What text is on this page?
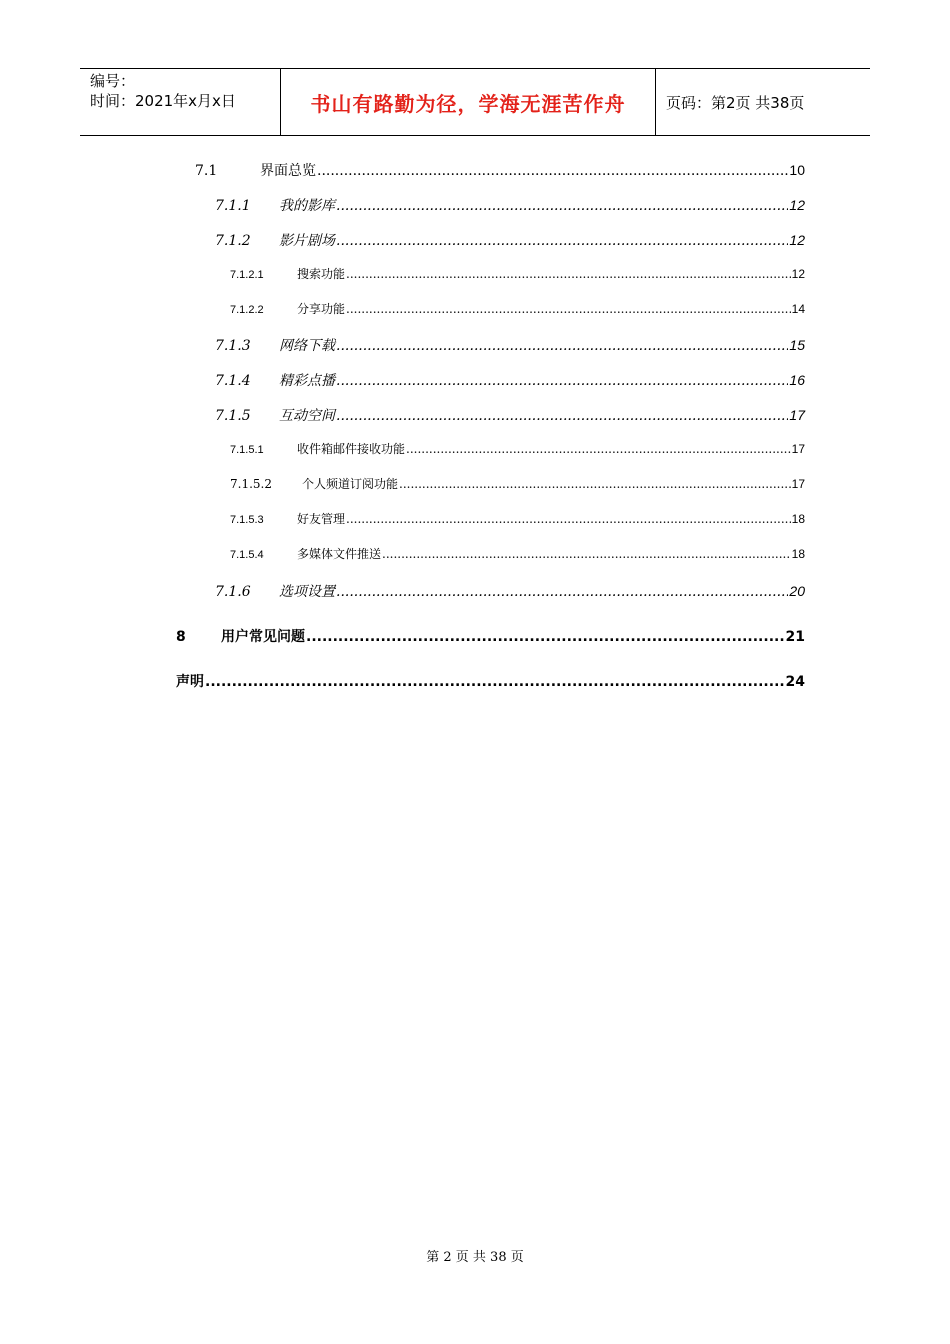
编号：
时间：2021年x月x日	书山有路勤为径，学海无涯苦作舟	页码：第2页 共38页
7.1	界面总览 .....	10
7.1.1	我的影库 .....	12
7.1.2	影片剧场 .....	12
7.1.2.1	搜索功能 .....	12
7.1.2.2	分享功能 .....	14
7.1.3	网络下载 .....	15
7.1.4	精彩点播 .....	16
7.1.5	互动空间 .....	17
7.1.5.1	收件箱邮件接收功能 .....	17
7.1.5.2	个人频道订阅功能 .....	17
7.1.5.3	好友管理 .....	18
7.1.5.4	多媒体文件推送 .....	18
7.1.6	选项设置 .....	20
8	用户常见问题 .....	21
声明 .....	24
第 2 页 共 38 页
